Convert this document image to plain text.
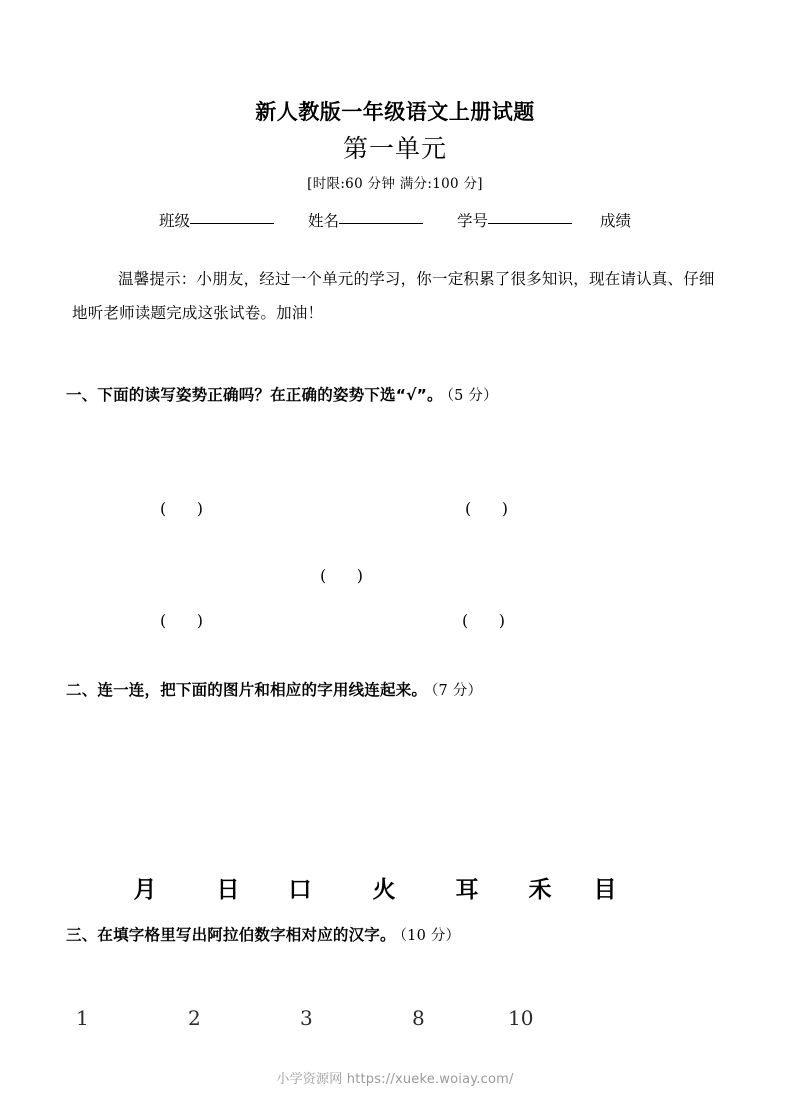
新人教版一年级语文上册试题
第一单元
[时限:60 分钟 满分:100 分]
班级	姓名	学号	成绩
温馨提示：小朋友，经过一个单元的学习，你一定积累了很多知识，现在请认真、仔细地听老师读题完成这张试卷。加油！
一、下面的读写姿势正确吗？在正确的姿势下选“√”。 （5 分）
(      )	(      )
(      )
(      )	(      )
二、连一连，把下面的图片和相应的字用线连起来。 （7 分）
月	日 口	火	耳 禾 目
三、在填字格里写出阿拉伯数字相对应的汉字。 （10 分）
1	2	3	8	10
小学资源网 https://xueke.woiay.com/
